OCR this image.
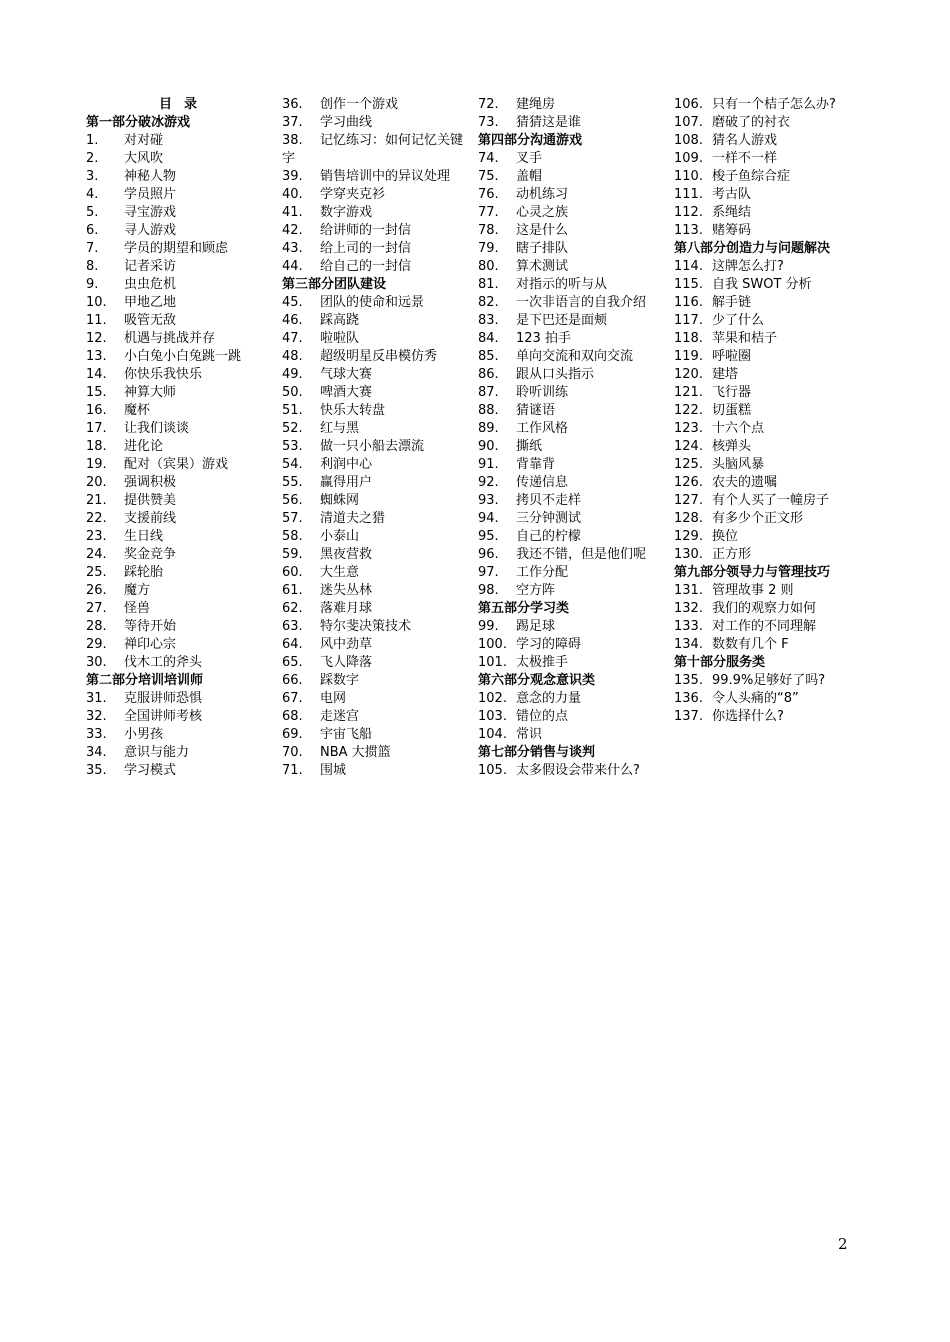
目录
第一部分破冰游戏
1. 对对碰
2. 大风吹
3. 神秘人物
4. 学员照片
5. 寻宝游戏
6. 寻人游戏
7. 学员的期望和顾虑
8. 记者采访
9. 虫虫危机
10. 甲地乙地
11. 吸管无敌
12. 机遇与挑战并存
13. 小白兔小白兔跳一跳
14. 你快乐我快乐
15. 神算大师
16. 魔杯
17. 让我们谈谈
18. 进化论
19. 配对（宾果）游戏
20. 强调积极
21. 提供赞美
22. 支援前线
23. 生日线
24. 奖金竞争
25. 踩轮胎
26. 魔方
27. 怪兽
28. 等待开始
29. 禅印心宗
30. 伐木工的斧头
第二部分培训培训师
31. 克服讲师恐惧
32. 全国讲师考核
33. 小男孩
34. 意识与能力
35. 学习模式
36. 创作一个游戏
37. 学习曲线
38. 记忆练习：如何记忆关键
字
39. 销售培训中的异议处理
40. 学穿夹克衫
41. 数字游戏
42. 给讲师的一封信
43. 给上司的一封信
44. 给自己的一封信
第三部分团队建设
45. 团队的使命和远景
46. 踩高跷
47. 啦啦队
48. 超级明星反串模仿秀
49. 气球大赛
50. 啤酒大赛
51. 快乐大转盘
52. 红与黑
53. 做一只小船去漂流
54. 利润中心
55. 赢得用户
56. 蜘蛛网
57. 清道夫之猎
58. 小泰山
59. 黑夜营救
60. 大生意
61. 迷失丛林
62. 落难月球
63. 特尔斐决策技术
64. 风中劲草
65. 飞人降落
66. 踩数字
67. 电网
68. 走迷宫
69. 宇宙飞船
70. NBA 大掼篮
71. 围城
72. 建绳房
73. 猜猜这是谁
第四部分沟通游戏
74. 叉手
75. 盖帽
76. 动机练习
77. 心灵之族
78. 这是什么
79. 瞎子排队
80. 算术测试
81. 对指示的听与从
82. 一次非语言的自我介绍
83. 是下巴还是面颊
84. 123 拍手
85. 单向交流和双向交流
86. 跟从口头指示
87. 聆听训练
88. 猜谜语
89. 工作风格
90. 撕纸
91. 背靠背
92. 传递信息
93. 拷贝不走样
94. 三分钟测试
95. 自己的柠檬
96. 我还不错，但是他们呢
97. 工作分配
98. 空方阵
第五部分学习类
99. 踢足球
100. 学习的障碍
101. 太极推手
第六部分观念意识类
102. 意念的力量
103. 错位的点
104. 常识
第七部分销售与谈判
105. 太多假设会带来什么?
106. 只有一个桔子怎么办?
107. 磨破了的衬衣
108. 猜名人游戏
109. 一样不一样
110. 梭子鱼综合症
111. 考古队
112. 系绳结
113. 赌筹码
第八部分创造力与问题解决
114. 这牌怎么打?
115. 自我 SWOT 分析
116. 解手链
117. 少了什么
118. 苹果和桔子
119. 呼啦圈
120. 建塔
121. 飞行器
122. 切蛋糕
123. 十六个点
124. 核弹头
125. 头脑风暴
126. 农夫的遗嘱
127. 有个人买了一幢房子
128. 有多少个正文形
129. 换位
130. 正方形
第九部分领导力与管理技巧
131. 管理故事 2 则
132. 我们的观察力如何
133. 对工作的不同理解
134. 数数有几个 F
第十部分服务类
135. 99.9%足够好了吗?
136. 令人头痛的“8”
137. 你选择什么?
2
